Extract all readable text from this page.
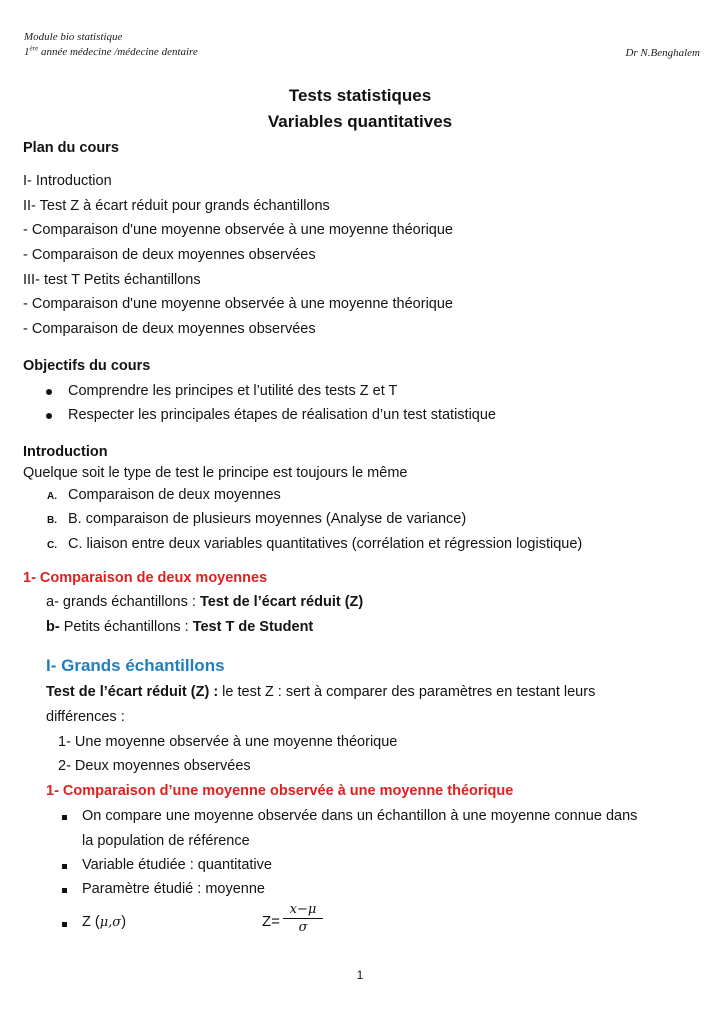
Module bio statistique
1ère année médecine /médecine dentaire	Dr N.Benghalem
Tests statistiques
Variables quantitatives
Plan du cours
I- Introduction
II- Test Z à écart réduit pour grands échantillons
- Comparaison d'une moyenne observée à une moyenne théorique
- Comparaison de deux moyennes observées
III- test T Petits échantillons
- Comparaison d'une moyenne observée à une moyenne théorique
- Comparaison de deux moyennes observées
Objectifs du cours
Comprendre les principes et l’utilité des tests Z et T
Respecter les principales étapes de réalisation d’un test statistique
Introduction
Quelque soit le type de test le principe est toujours le même
A. Comparaison de deux moyennes
B. B. comparaison de plusieurs moyennes (Analyse de variance)
C. C. liaison entre deux variables quantitatives (corrélation et régression logistique)
1- Comparaison de deux moyennes
a- grands échantillons : Test de l’écart réduit (Z)
b- Petits échantillons : Test T de Student
I- Grands échantillons
Test de l’écart réduit (Z) : le test Z : sert à comparer des paramètres en testant leurs
différences :
1- Une moyenne observée à une moyenne théorique
2- Deux moyennes observées
1- Comparaison d’une moyenne observée à une moyenne théorique
On compare une moyenne observée dans un échantillon à une moyenne connue dans
la population de référence
Variable étudiée : quantitative
Paramètre étudié : moyenne
Z (μ,σ)	Z=
x−μ
σ
1
